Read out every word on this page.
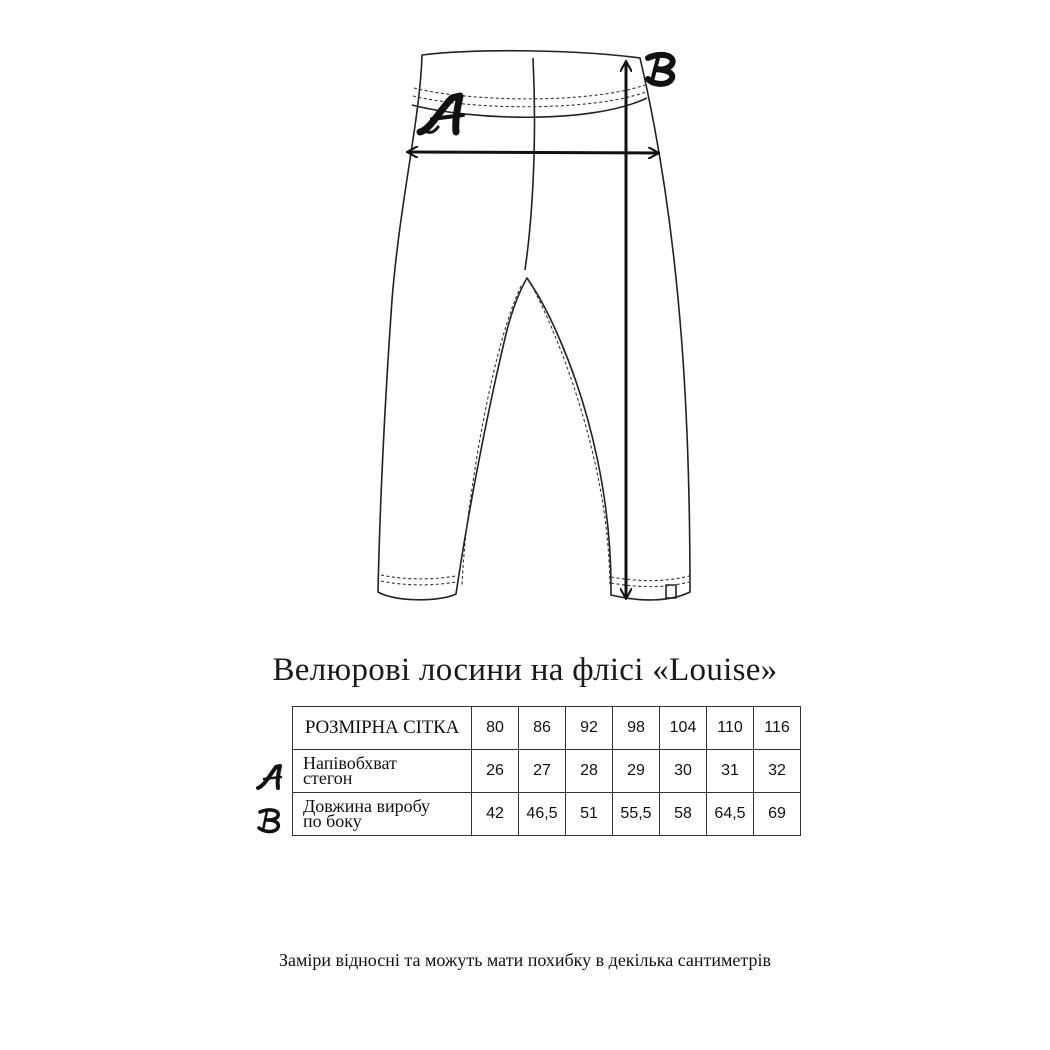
Велюрові лосини на флісі «Louise»
РОЗМІРНА СІТКА	80	86	92	98	104	110	116

Напівобхват
стегон	26	27	28	29	30	31	32

Довжина виробу
по боку	42	46,5	51	55,5	58	64,5	69
Заміри відносні та можуть мати похибку в декілька сантиметрів
